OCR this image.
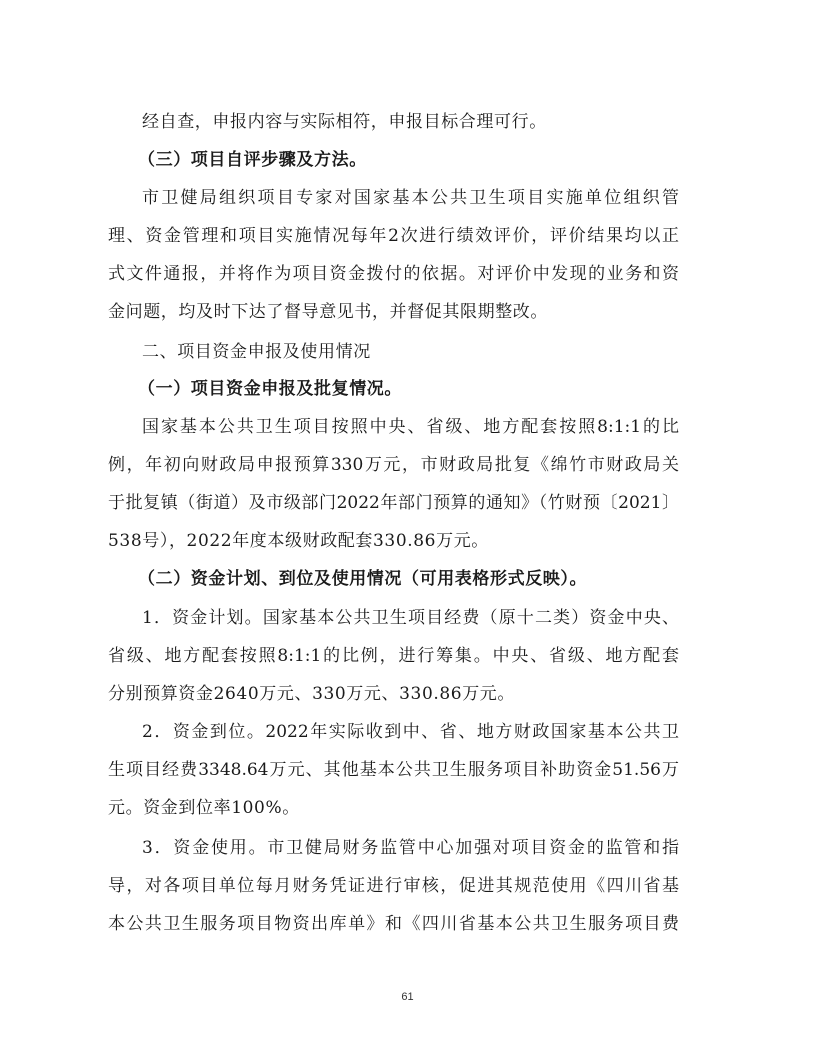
经自查，申报内容与实际相符，申报目标合理可行。
（三）项目自评步骤及方法。
市卫健局组织项目专家对国家基本公共卫生项目实施单位组织管
理、资金管理和项目实施情况每年2次进行绩效评价，评价结果均以正
式文件通报，并将作为项目资金拨付的依据。对评价中发现的业务和资
金问题，均及时下达了督导意见书，并督促其限期整改。
二、项目资金申报及使用情况
（一）项目资金申报及批复情况。
国家基本公共卫生项目按照中央、省级、地方配套按照8:1:1的比
例，年初向财政局申报预算330万元，市财政局批复《绵竹市财政局关
于批复镇（街道）及市级部门2022年部门预算的通知》（竹财预〔2021〕
538号），2022年度本级财政配套330.86万元。
（二）资金计划、到位及使用情况（可用表格形式反映）。
1．资金计划。国家基本公共卫生项目经费（原十二类）资金中央、
省级、地方配套按照8:1:1的比例，进行筹集。中央、省级、地方配套
分别预算资金2640万元、330万元、330.86万元。
2．资金到位。2022年实际收到中、省、地方财政国家基本公共卫
生项目经费3348.64万元、其他基本公共卫生服务项目补助资金51.56万
元。资金到位率100%。
3．资金使用。市卫健局财务监管中心加强对项目资金的监管和指
导，对各项目单位每月财务凭证进行审核，促进其规范使用《四川省基
本公共卫生服务项目物资出库单》和《四川省基本公共卫生服务项目费
61
